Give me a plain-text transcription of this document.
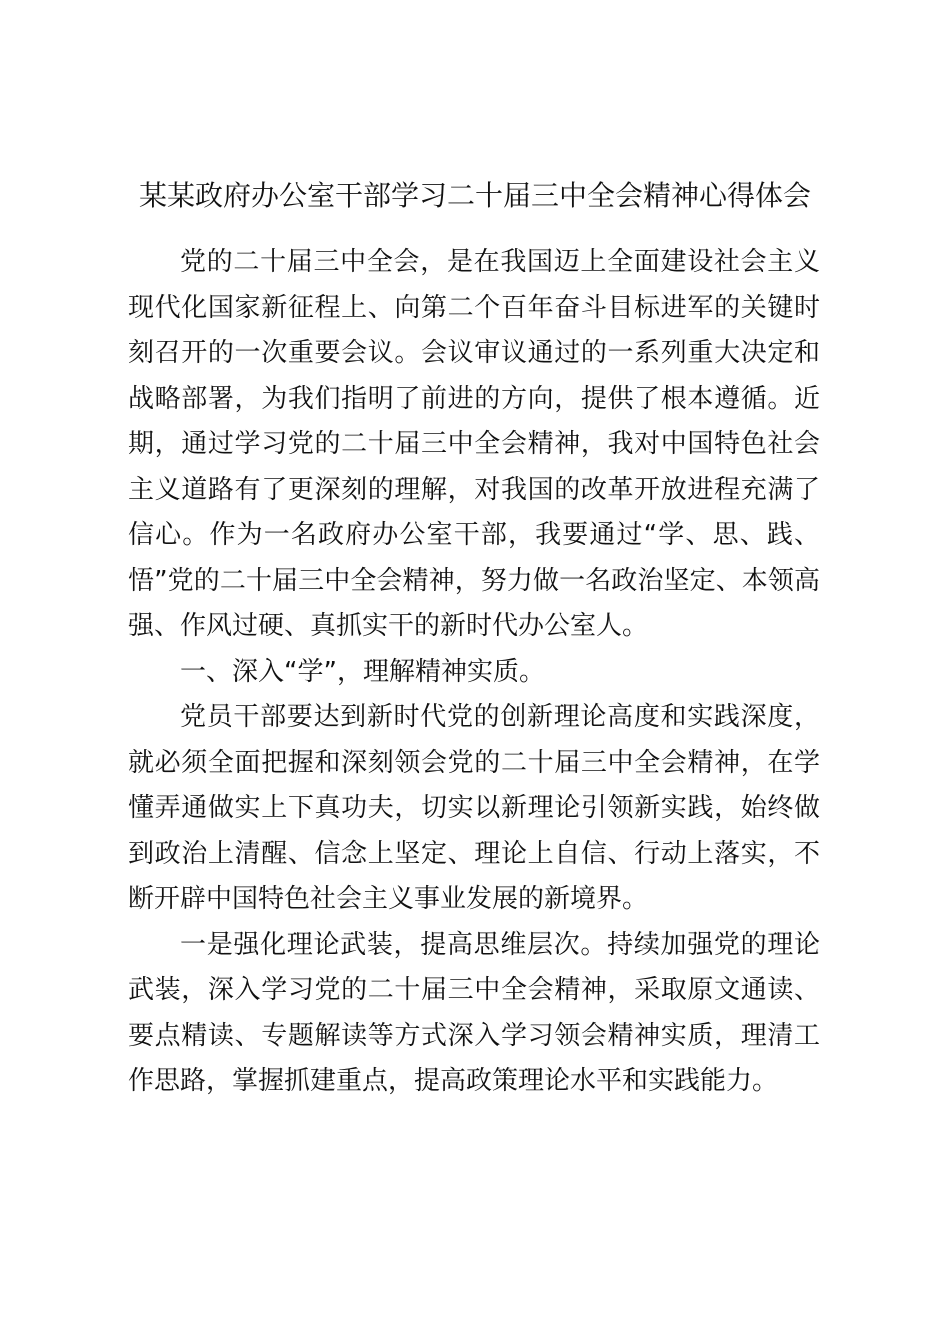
某某政府办公室干部学习二十届三中全会精神心得体会

党的二十届三中全会，是在我国迈上全面建设社会主义现代化国家新征程上、向第二个百年奋斗目标进军的关键时刻召开的一次重要会议。会议审议通过的一系列重大决定和战略部署，为我们指明了前进的方向，提供了根本遵循。近期，通过学习党的二十届三中全会精神，我对中国特色社会主义道路有了更深刻的理解，对我国的改革开放进程充满了信心。作为一名政府办公室干部，我要通过“学、思、践、悟”党的二十届三中全会精神，努力做一名政治坚定、本领高强、作风过硬、真抓实干的新时代办公室人。

一、深入“学”，理解精神实质。

党员干部要达到新时代党的创新理论高度和实践深度，就必须全面把握和深刻领会党的二十届三中全会精神，在学懂弄通做实上下真功夫，切实以新理论引领新实践，始终做到政治上清醒、信念上坚定、理论上自信、行动上落实，不断开辟中国特色社会主义事业发展的新境界。

一是强化理论武装，提高思维层次。持续加强党的理论武装，深入学习党的二十届三中全会精神，采取原文通读、要点精读、专题解读等方式深入学习领会精神实质，理清工作思路，掌握抓建重点，提高政策理论水平和实践能力。
